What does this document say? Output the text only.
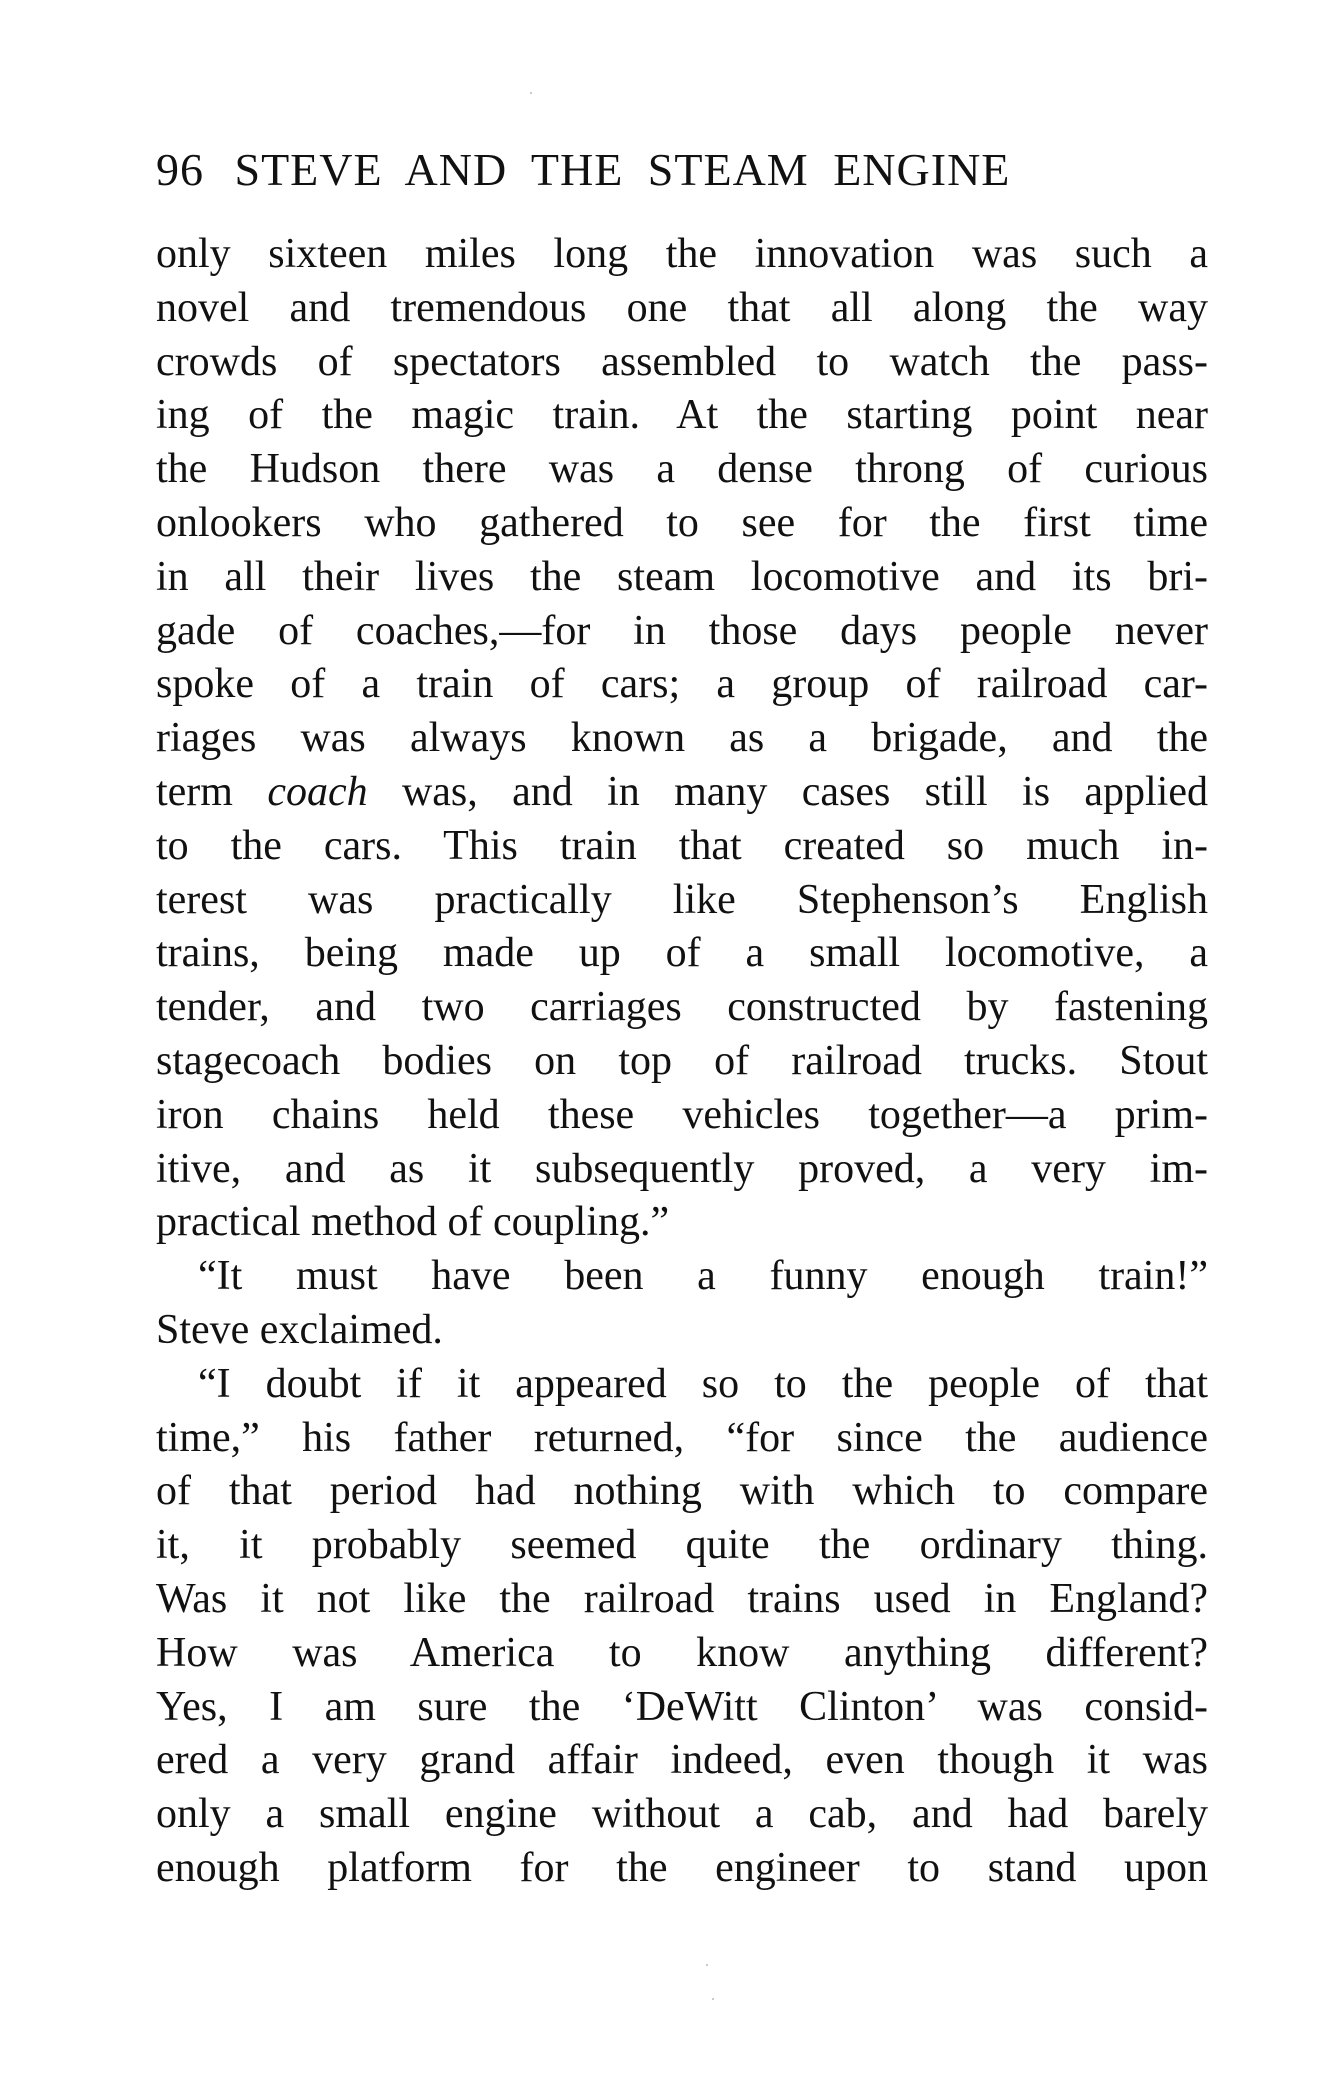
96 STEVE AND THE STEAM ENGINE
only sixteen miles long the innovation was such a
novel and tremendous one that all along the way
crowds of spectators assembled to watch the pass-
ing of the magic train. At the starting point near
the Hudson there was a dense throng of curious
onlookers who gathered to see for the first time
in all their lives the steam locomotive and its bri-
gade of coaches,—for in those days people never
spoke of a train of cars; a group of railroad car-
riages was always known as a brigade, and the
term coach was, and in many cases still is applied
to the cars. This train that created so much in-
terest was practically like Stephenson’s English
trains, being made up of a small locomotive, a
tender, and two carriages constructed by fastening
stagecoach bodies on top of railroad trucks. Stout
iron chains held these vehicles together—a prim-
itive, and as it subsequently proved, a very im-
practical method of coupling.”
“It must have been a funny enough train!”
Steve exclaimed.
“I doubt if it appeared so to the people of that
time,” his father returned, “for since the audience
of that period had nothing with which to compare
it, it probably seemed quite the ordinary thing.
Was it not like the railroad trains used in England?
How was America to know anything different?
Yes, I am sure the ‘DeWitt Clinton’ was consid-
ered a very grand affair indeed, even though it was
only a small engine without a cab, and had barely
enough platform for the engineer to stand upon
